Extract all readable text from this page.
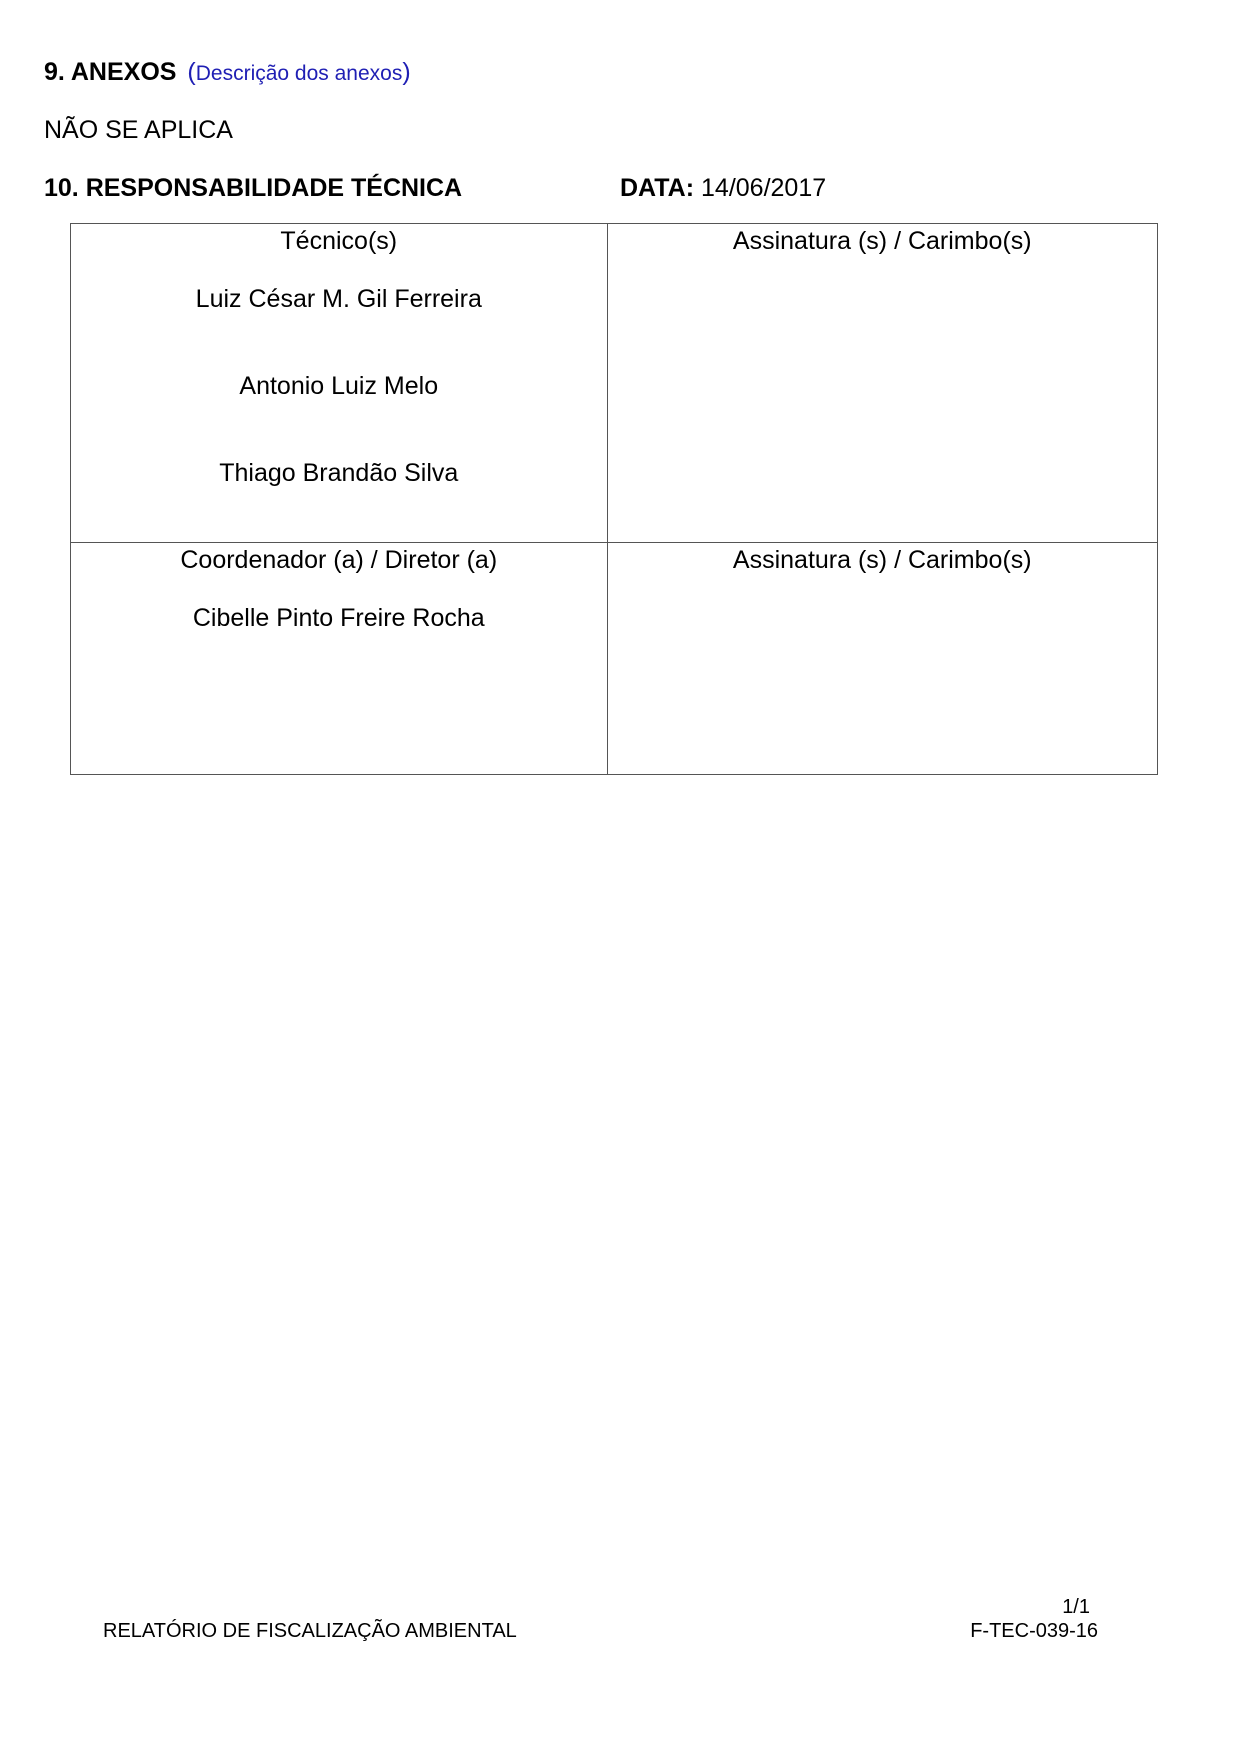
9. ANEXOS (Descrição dos anexos)
NÃO SE APLICA
10. RESPONSABILIDADE TÉCNICA	DATA: 14/06/2017
Técnico(s)
Luiz César M. Gil Ferreira
Antonio Luiz Melo
Thiago Brandão Silva	Assinatura (s) / Carimbo(s)

Coordenador (a) / Diretor (a)
Cibelle Pinto Freire Rocha	Assinatura (s) / Carimbo(s)
1/1
RELATÓRIO DE FISCALIZAÇÃO AMBIENTAL	F-TEC-039-16
